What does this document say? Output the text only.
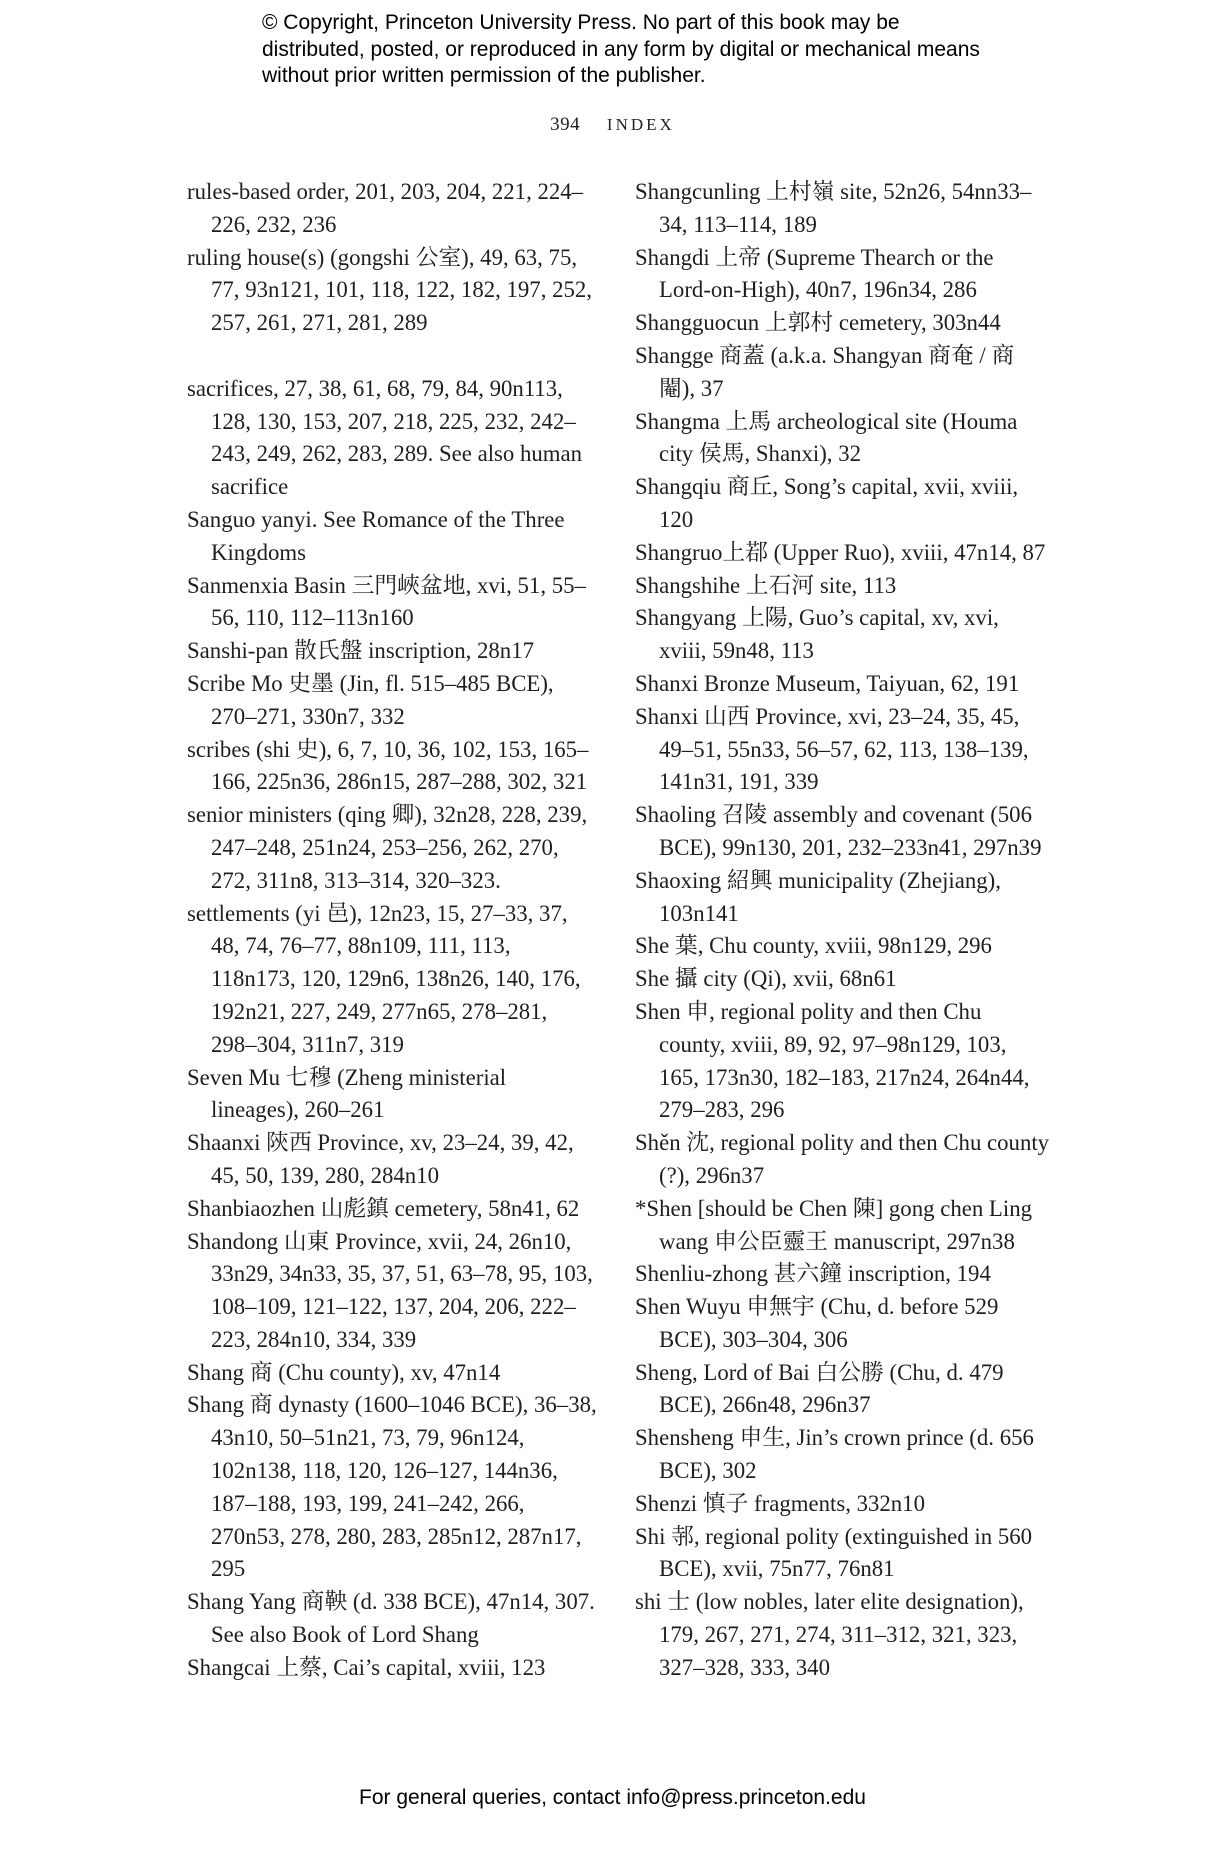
© Copyright, Princeton University Press. No part of this book may be distributed, posted, or reproduced in any form by digital or mechanical means without prior written permission of the publisher.
394 INDEX
rules-based order, 201, 203, 204, 221, 224–226, 232, 236
ruling house(s) (gongshi 公室), 49, 63, 75, 77, 93n121, 101, 118, 122, 182, 197, 252, 257, 261, 271, 281, 289
sacrifices, 27, 38, 61, 68, 79, 84, 90n113, 128, 130, 153, 207, 218, 225, 232, 242–243, 249, 262, 283, 289. See also human sacrifice
Sanguo yanyi. See Romance of the Three Kingdoms
Sanmenxia Basin 三門峽盆地, xvi, 51, 55–56, 110, 112–113n160
Sanshi-pan 散氏盤 inscription, 28n17
Scribe Mo 史墨 (Jin, fl. 515–485 BCE), 270–271, 330n7, 332
scribes (shi 史), 6, 7, 10, 36, 102, 153, 165–166, 225n36, 286n15, 287–288, 302, 321
senior ministers (qing 卿), 32n28, 228, 239, 247–248, 251n24, 253–256, 262, 270, 272, 311n8, 313–314, 320–323.
settlements (yi 邑), 12n23, 15, 27–33, 37, 48, 74, 76–77, 88n109, 111, 113, 118n173, 120, 129n6, 138n26, 140, 176, 192n21, 227, 249, 277n65, 278–281, 298–304, 311n7, 319
Seven Mu 七穆 (Zheng ministerial lineages), 260–261
Shaanxi 陝西 Province, xv, 23–24, 39, 42, 45, 50, 139, 280, 284n10
Shanbiaozhen 山彪鎮 cemetery, 58n41, 62
Shandong 山東 Province, xvii, 24, 26n10, 33n29, 34n33, 35, 37, 51, 63–78, 95, 103, 108–109, 121–122, 137, 204, 206, 222–223, 284n10, 334, 339
Shang 商 (Chu county), xv, 47n14
Shang 商 dynasty (1600–1046 BCE), 36–38, 43n10, 50–51n21, 73, 79, 96n124, 102n138, 118, 120, 126–127, 144n36, 187–188, 193, 199, 241–242, 266, 270n53, 278, 280, 283, 285n12, 287n17, 295
Shang Yang 商鞅 (d. 338 BCE), 47n14, 307. See also Book of Lord Shang
Shangcai 上蔡, Cai’s capital, xviii, 123
Shangcunling 上村嶺 site, 52n26, 54nn33–34, 113–114, 189
Shangdi 上帝 (Supreme Thearch or the Lord-on-High), 40n7, 196n34, 286
Shangguocun 上郭村 cemetery, 303n44
Shangge 商蓋 (a.k.a. Shangyan 商奄 / 商閹), 37
Shangma 上馬 archeological site (Houma city 侯馬, Shanxi), 32
Shangqiu 商丘, Song’s capital, xvii, xviii, 120
Shangruo上鄀 (Upper Ruo), xviii, 47n14, 87
Shangshihe 上石河 site, 113
Shangyang 上陽, Guo’s capital, xv, xvi, xviii, 59n48, 113
Shanxi Bronze Museum, Taiyuan, 62, 191
Shanxi 山西 Province, xvi, 23–24, 35, 45, 49–51, 55n33, 56–57, 62, 113, 138–139, 141n31, 191, 339
Shaoling 召陵 assembly and covenant (506 BCE), 99n130, 201, 232–233n41, 297n39
Shaoxing 紹興 municipality (Zhejiang), 103n141
She 葉, Chu county, xviii, 98n129, 296
She 攝 city (Qi), xvii, 68n61
Shen 申, regional polity and then Chu county, xviii, 89, 92, 97–98n129, 103, 165, 173n30, 182–183, 217n24, 264n44, 279–283, 296
Shěn 沈, regional polity and then Chu county (?), 296n37
*Shen [should be Chen 陳] gong chen Ling wang 申公臣靈王 manuscript, 297n38
Shenliu-zhong 甚六鐘 inscription, 194
Shen Wuyu 申無宇 (Chu, d. before 529 BCE), 303–304, 306
Sheng, Lord of Bai 白公勝 (Chu, d. 479 BCE), 266n48, 296n37
Shensheng 申生, Jin’s crown prince (d. 656 BCE), 302
Shenzi 慎子 fragments, 332n10
Shi 邿, regional polity (extinguished in 560 BCE), xvii, 75n77, 76n81
shi 士 (low nobles, later elite designation), 179, 267, 271, 274, 311–312, 321, 323, 327–328, 333, 340
For general queries, contact info@press.princeton.edu
